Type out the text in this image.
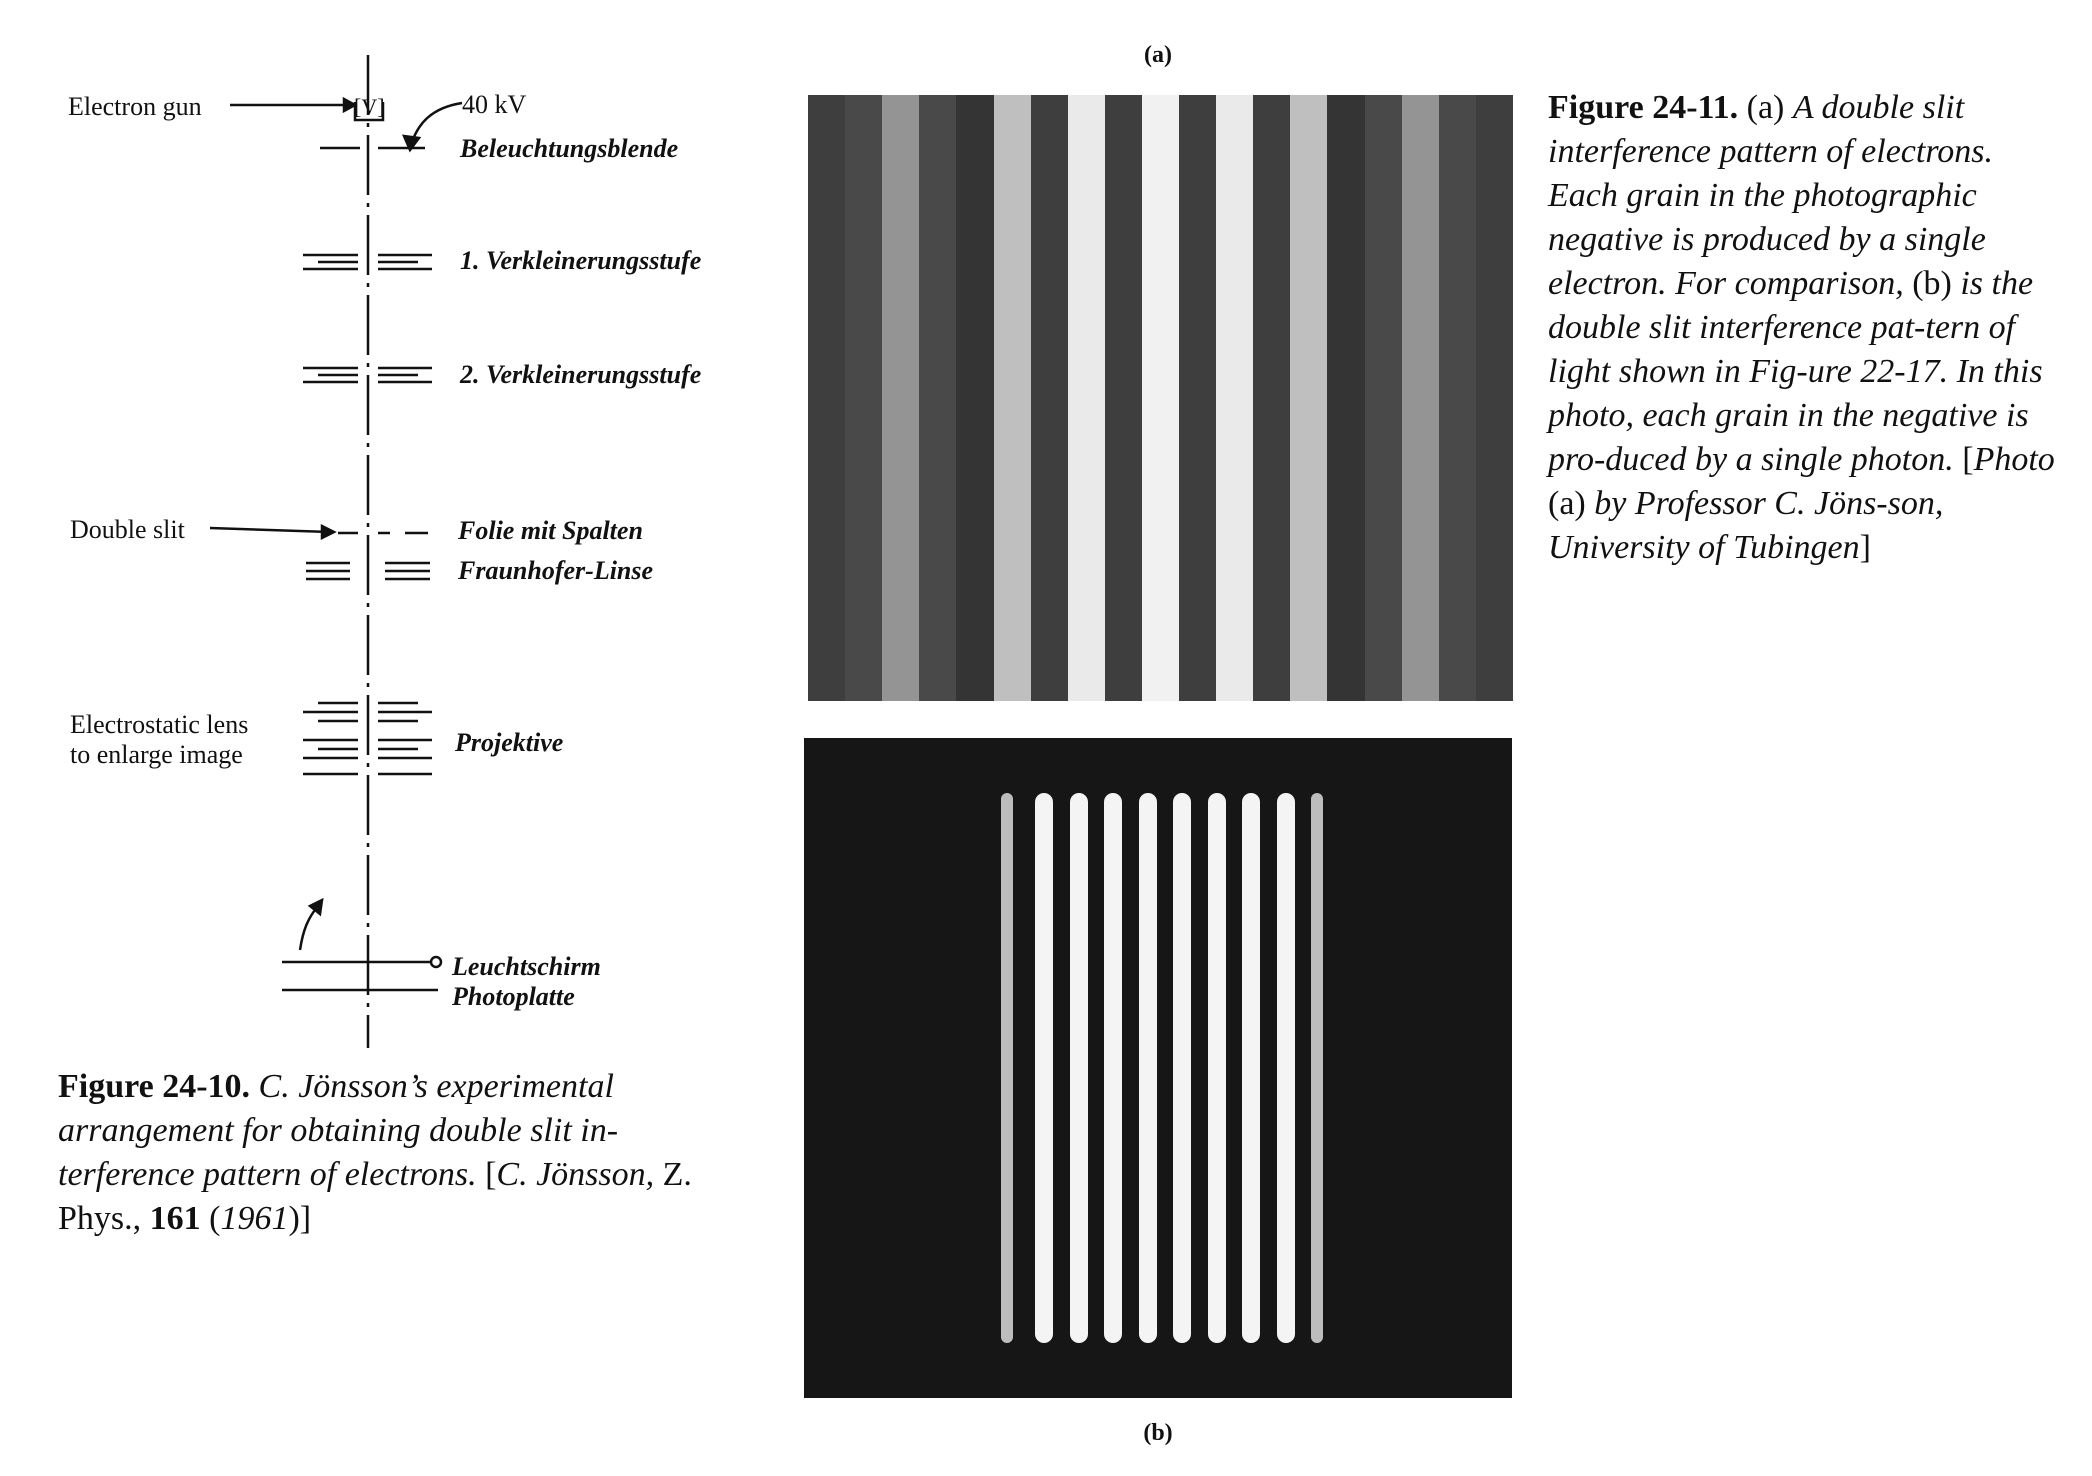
Electron gun	[V]	40 kV
Beleuchtungsblende
1. Verkleinerungsstufe
2. Verkleinerungsstufe
Double slit	Folie mit Spalten
Fraunhofer-Linse
Electrostatic lens
to enlarge image	Projektive
Leuchtschirm
Photoplatte
Figure 24-10. C. Jönsson’s experimental arrangement for obtaining double slit in-terference pattern of electrons. [C. Jönsson, Z. Phys., 161 (1961)]
(a)
(b)
Figure 24-11. (a) A double slit interference pattern of electrons. Each grain in the photographic negative is produced by a single electron. For comparison, (b) is the double slit interference pat-tern of light shown in Fig-ure 22-17. In this photo, each grain in the negative is pro-duced by a single photon. [Photo (a) by Professor C. Jöns-son, University of Tubingen]
